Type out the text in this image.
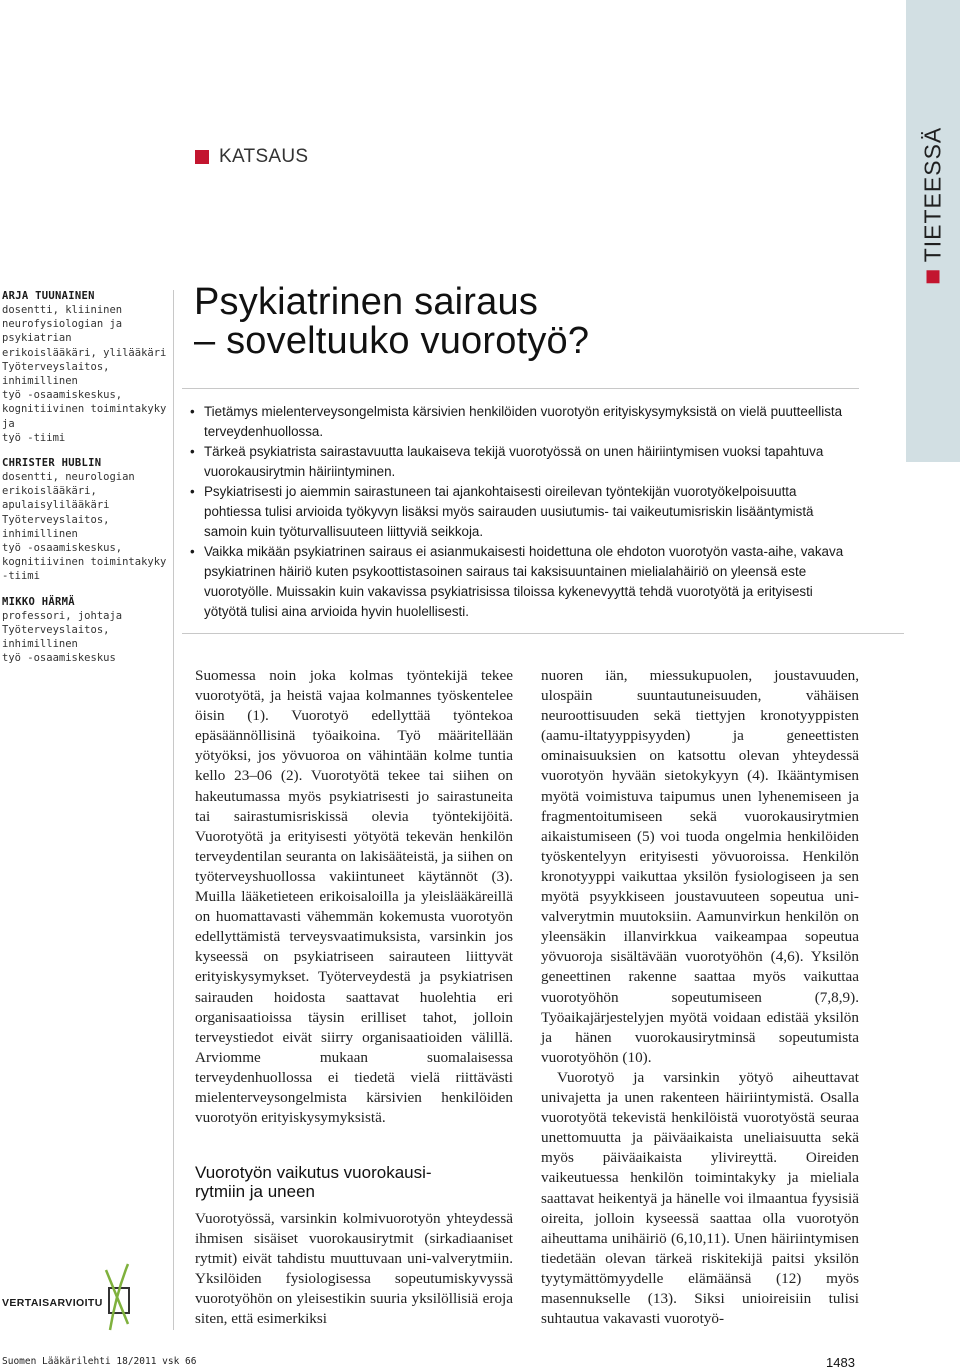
TIETEESSÄ
KATSAUS
ARJA TUUNAINEN
dosentti, kliininen
neurofysiologian ja psykiatrian
erikoislääkäri, ylilääkäri
Työterveyslaitos, inhimillinen
työ -osaamiskeskus,
kognitiivinen toimintakyky ja
työ -tiimi
CHRISTER HUBLIN
dosentti, neurologian
erikoislääkäri, apulaisylilääkäri
Työterveyslaitos, inhimillinen
työ -osaamiskeskus,
kognitiivinen toimintakyky
-tiimi
MIKKO HÄRMÄ
professori, johtaja
Työterveyslaitos, inhimillinen
työ -osaamiskeskus
Psykiatrinen sairaus
– soveltuuko vuorotyö?
• Tietämys mielenterveysongelmista kärsivien henkilöiden vuorotyön erityiskysymyksistä on vielä puutteellista terveydenhuollossa.
• Tärkeä psykiatrista sairastavuutta laukaiseva tekijä vuorotyössä on unen häiriintymisen vuoksi tapahtuva vuorokausirytmin häiriintyminen.
• Psykiatrisesti jo aiemmin sairastuneen tai ajankohtaisesti oireilevan työntekijän vuorotyökelpoisuutta pohtiessa tulisi arvioida työkyvyn lisäksi myös sairauden uusiutumis- tai vaikeutumisriskin lisääntymistä samoin kuin työturvallisuuteen liittyviä seikkoja.
• Vaikka mikään psykiatrinen sairaus ei asianmukaisesti hoidettuna ole ehdoton vuorotyön vasta-aihe, vakava psykiatrinen häiriö kuten psykoottistasoinen sairaus tai kaksisuuntainen mielialahäiriö on yleensä este vuorotyölle. Muissakin kuin vakavissa psykiatrisissa tiloissa kykenevyyttä tehdä vuorotyötä ja erityisesti yötyötä tulisi aina arvioida hyvin huolellisesti.

Suomessa noin joka kolmas työntekijä tekee vuorotyötä, ja heistä vajaa kolmannes työskentelee öisin (1). Vuorotyö edellyttää työntekoa epäsäännöllisinä työaikoina. Työ määritellään yötyöksi, jos yövuoroa on vähintään kolme tuntia kello 23–06 (2). Vuorotyötä tekee tai siihen on hakeutumassa myös psykiatrisesti jo sairastuneita tai sairastumisriskissä olevia työntekijöitä. Vuorotyötä ja erityisesti yötyötä tekevän henkilön terveydentilan seuranta on lakisääteistä, ja siihen on työterveyshuollossa vakiintuneet käytännöt (3). Muilla lääketieteen erikoisaloilla ja yleislääkäreillä on huomattavasti vähemmän kokemusta vuorotyön edellyttämistä terveysvaatimuksista, varsinkin jos kyseessä on psykiatriseen sairauteen liittyvät erityiskysymykset. Työterveydestä ja psykiatrisen sairauden hoidosta saattavat huolehtia eri organisaatioissa täysin erilliset tahot, jolloin terveystiedot eivät siirry organisaatioiden välillä. Arviomme mukaan suomalaisessa terveydenhuollossa ei tiedetä vielä riittävästi mielenterveysongelmista kärsivien henkilöiden vuorotyön erityiskysymyksistä.

Vuorotyön vaikutus vuorokausi-
rytmiin ja uneen

Vuorotyössä, varsinkin kolmivuorotyön yhteydessä ihmisen sisäiset vuorokausirytmit (sirkadiaaniset rytmit) eivät tahdistu muuttuvaan uni-valverytmiin. Yksilöiden fysiologisessa sopeutumiskyvyssä vuorotyöhön on yleisestikin suuria yksilöllisiä eroja siten, että esimerkiksi

nuoren iän, miessukupuolen, joustavuuden, ulospäin suuntautuneisuuden, vähäisen neuroottisuuden sekä tiettyjen kronotyyppisten (aamu-iltatyyppisyyden) ja geneettisten ominaisuuksien on katsottu olevan yhteydessä vuorotyön hyvään sietokykyyn (4). Ikääntymisen myötä voimistuva taipumus unen lyhenemiseen ja fragmentoitumiseen sekä vuorokausirytmien aikaistumiseen (5) voi tuoda ongelmia henkilöiden työskentelyyn erityisesti yövuoroissa. Henkilön kronotyyppi vaikuttaa yksilön fysiologiseen ja sen myötä psyykkiseen joustavuuteen sopeutua uni-valverytmin muutoksiin. Aamunvirkun henkilön on yleensäkin illanvirkkua vaikeampaa sopeutua yövuoroja sisältävään vuorotyöhön (4,6). Yksilön geneettinen rakenne saattaa myös vaikuttaa vuorotyöhön sopeutumiseen (7,8,9). Työaikajärjestelyjen myötä voidaan edistää yksilön ja hänen vuorokausirytminsä sopeutumista vuorotyöhön (10).

Vuorotyö ja varsinkin yötyö aiheuttavat univajetta ja unen rakenteen häiriintymistä. Osalla vuorotyötä tekevistä henkilöistä vuorotyöstä seuraa unettomuutta ja päiväaikaista uneliaisuutta sekä myös päiväaikaista ylivireyttä. Oireiden vaikeutuessa henkilön toimintakyky ja mieliala saattavat heikentyä ja hänelle voi ilmaantua fyysisiä oireita, jolloin kyseessä saattaa olla vuorotyön aiheuttama unihäiriö (6,10,11). Unen häiriintymisen tiedetään olevan tärkeä riskitekijä paitsi yksilön tyytymättömyydelle elämäänsä (12) myös masennukselle (13). Siksi unioireisiin tulisi suhtautua vakavasti vuorotyö-

VERTAISARVIOITU
Suomen Lääkärilehti 18/2011 vsk 66	1483
